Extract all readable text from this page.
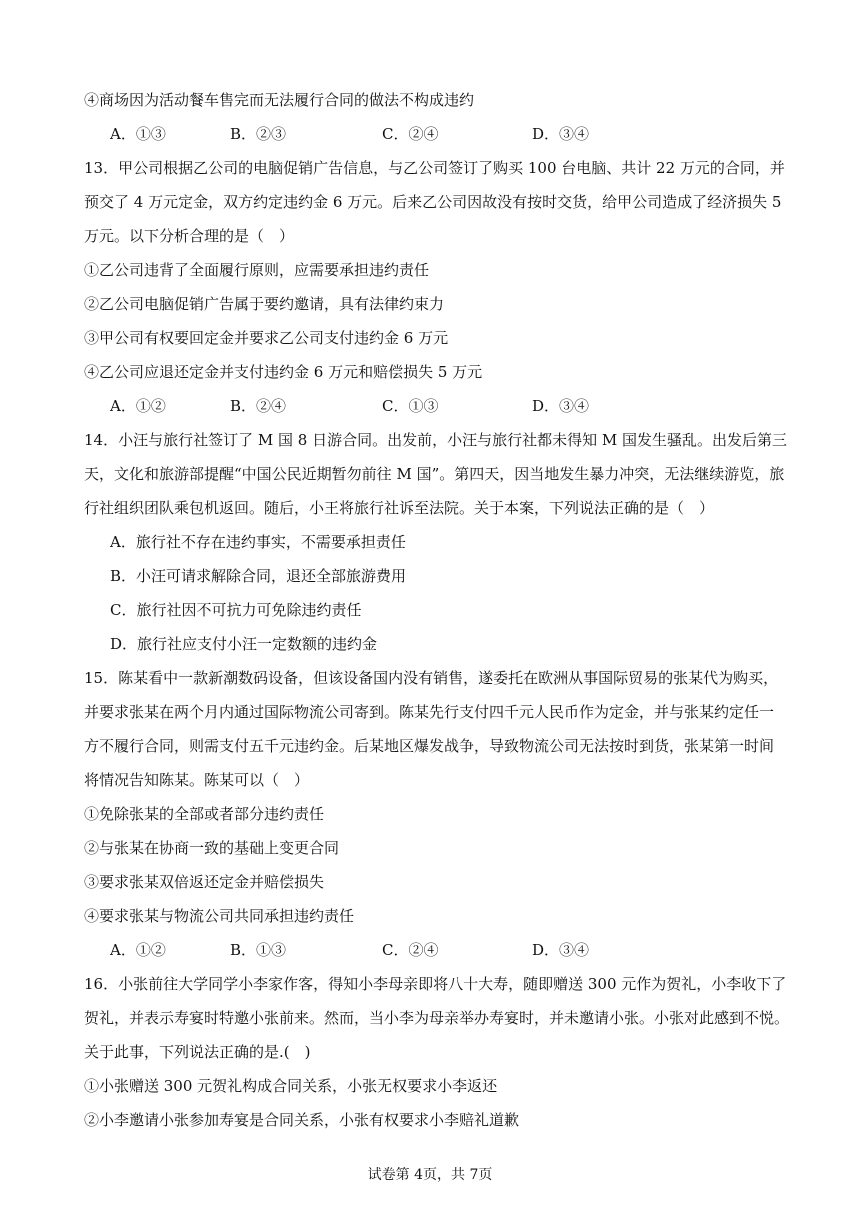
④商场因为活动餐车售完而无法履行合同的做法不构成违约
A．①③	B．②③	C．②④	D．③④
13．甲公司根据乙公司的电脑促销广告信息，与乙公司签订了购买 100 台电脑、共计 22 万元的合同，并
预交了 4 万元定金，双方约定违约金 6 万元。后来乙公司因故没有按时交货，给甲公司造成了经济损失 5
万元。以下分析合理的是（　）
①乙公司违背了全面履行原则，应需要承担违约责任
②乙公司电脑促销广告属于要约邀请，具有法律约束力
③甲公司有权要回定金并要求乙公司支付违约金 6 万元
④乙公司应退还定金并支付违约金 6 万元和赔偿损失 5 万元
A．①②	B．②④	C．①③	D．③④
14．小汪与旅行社签订了 M 国 8 日游合同。出发前，小汪与旅行社都未得知 M 国发生骚乱。出发后第三
天，文化和旅游部提醒“中国公民近期暂勿前往 M 国”。第四天，因当地发生暴力冲突，无法继续游览，旅
行社组织团队乘包机返回。随后，小王将旅行社诉至法院。关于本案，下列说法正确的是（　）
A．旅行社不存在违约事实，不需要承担责任
B．小汪可请求解除合同，退还全部旅游费用
C．旅行社因不可抗力可免除违约责任
D．旅行社应支付小汪一定数额的违约金
15．陈某看中一款新潮数码设备，但该设备国内没有销售，遂委托在欧洲从事国际贸易的张某代为购买，
并要求张某在两个月内通过国际物流公司寄到。陈某先行支付四千元人民币作为定金，并与张某约定任一
方不履行合同，则需支付五千元违约金。后某地区爆发战争，导致物流公司无法按时到货，张某第一时间
将情况告知陈某。陈某可以（　）
①免除张某的全部或者部分违约责任
②与张某在协商一致的基础上变更合同
③要求张某双倍返还定金并赔偿损失
④要求张某与物流公司共同承担违约责任
A．①②	B．①③	C．②④	D．③④
16．小张前往大学同学小李家作客，得知小李母亲即将八十大寿，随即赠送 300 元作为贺礼，小李收下了
贺礼，并表示寿宴时特邀小张前来。然而，当小李为母亲举办寿宴时，并未邀请小张。小张对此感到不悦。
关于此事，下列说法正确的是.(　)
①小张赠送 300 元贺礼构成合同关系，小张无权要求小李返还
②小李邀请小张参加寿宴是合同关系，小张有权要求小李赔礼道歉
试卷第 4页，共 7页
